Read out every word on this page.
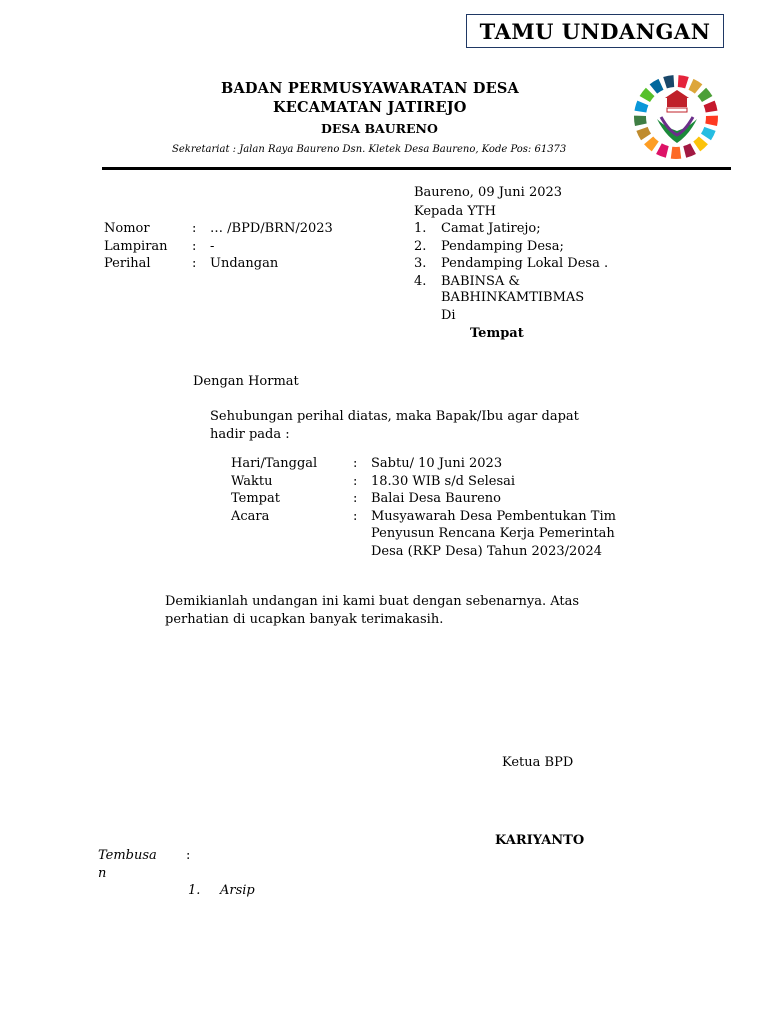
TAMU UNDANGAN
BADAN PERMUSYAWARATAN DESA
KECAMATAN JATIREJO
DESA BAURENO
Sekretariat : Jalan Raya Baureno Dsn. Kletek Desa Baureno, Kode Pos: 61373
Baureno, 09 Juni 2023
Kepada YTH
1. Camat Jatirejo;
2. Pendamping Desa;
3. Pendamping Lokal Desa .
4. BABINSA &
BABHINKAMTIBMAS
Di
Tempat
Nomor	: … /BPD/BRN/2023
Lampiran : -
Perihal	: Undangan
Dengan Hormat
Sehubungan perihal diatas, maka Bapak/Ibu agar dapat
hadir pada :
Hari/Tanggal	: Sabtu/ 10 Juni 2023
Waktu	: 18.30 WIB s/d Selesai
Tempat	: Balai Desa Baureno
Acara	: Musyawarah Desa Pembentukan Tim
Penyusun Rencana Kerja Pemerintah
Desa (RKP Desa) Tahun 2023/2024
Demikianlah undangan ini kami buat dengan sebenarnya. Atas
perhatian di ucapkan banyak terimakasih.
Ketua BPD
KARIYANTO
Tembusa
n
:
1. Arsip
